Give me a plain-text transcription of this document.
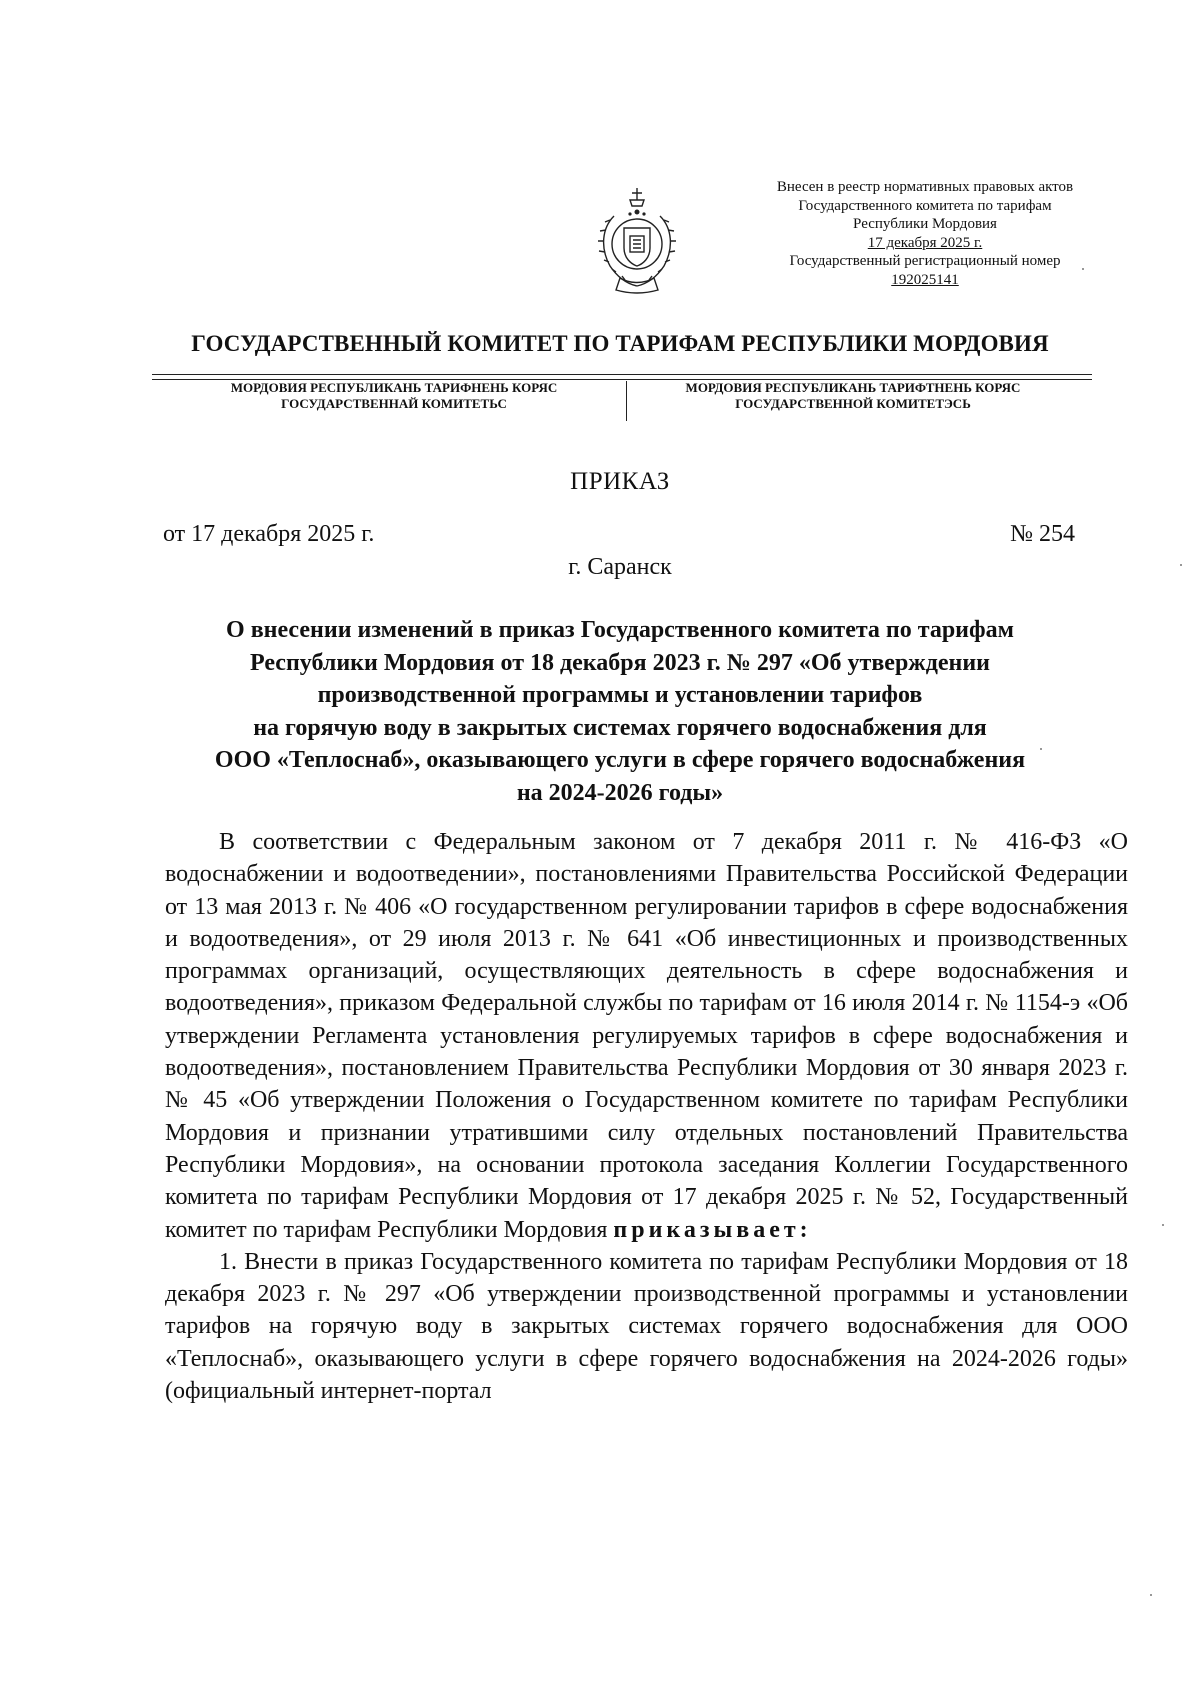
Внесен в реестр нормативных правовых актов
Государственного комитета по тарифам
Республики Мордовия
17 декабря 2025 г.
Государственный регистрационный номер
192025141
ГОСУДАРСТВЕННЫЙ КОМИТЕТ ПО ТАРИФАМ РЕСПУБЛИКИ МОРДОВИЯ
МОРДОВИЯ РЕСПУБЛИКАНЬ ТАРИФНЕНЬ КОРЯС
ГОСУДАРСТВЕННАЙ КОМИТЕТЬС
МОРДОВИЯ РЕСПУБЛИКАНЬ ТАРИФТНЕНЬ КОРЯС
ГОСУДАРСТВЕННОЙ КОМИТЕТЭСЬ
ПРИКАЗ
от 17 декабря 2025 г.	№ 254
г. Саранск
О внесении изменений в приказ Государственного комитета по тарифам
Республики Мордовия от 18 декабря 2023 г. № 297 «Об утверждении
производственной программы и установлении тарифов
на горячую воду в закрытых системах горячего водоснабжения для
ООО «Теплоснаб», оказывающего услуги в сфере горячего водоснабжения
на 2024-2026 годы»

В соответствии с Федеральным законом от 7 декабря 2011 г. № 416-ФЗ «О водоснабжении и водоотведении», постановлениями Правительства Российской Федерации от 13 мая 2013 г. № 406 «О государственном регулировании тарифов в сфере водоснабжения и водоотведения», от 29 июля 2013 г. № 641 «Об инвестиционных и производственных программах организаций, осуществляющих деятельность в сфере водоснабжения и водоотведения», приказом Федеральной службы по тарифам от 16 июля 2014 г. № 1154-э «Об утверждении Регламента установления регулируемых тарифов в сфере водоснабжения и водоотведения», постановлением Правительства Республики Мордовия от 30 января 2023 г. № 45 «Об утверждении Положения о Государственном комитете по тарифам Республики Мордовия и признании утратившими силу отдельных постановлений Правительства Республики Мордовия», на основании протокола заседания Коллегии Государственного комитета по тарифам Республики Мордовия от 17 декабря 2025 г. № 52, Государственный комитет по тарифам Республики Мордовия приказывает:

1. Внести в приказ Государственного комитета по тарифам Республики Мордовия от 18 декабря 2023 г. № 297 «Об утверждении производственной программы и установлении тарифов на горячую воду в закрытых системах горячего водоснабжения для ООО «Теплоснаб», оказывающего услуги в сфере горячего водоснабжения на 2024-2026 годы» (официальный интернет-портал
